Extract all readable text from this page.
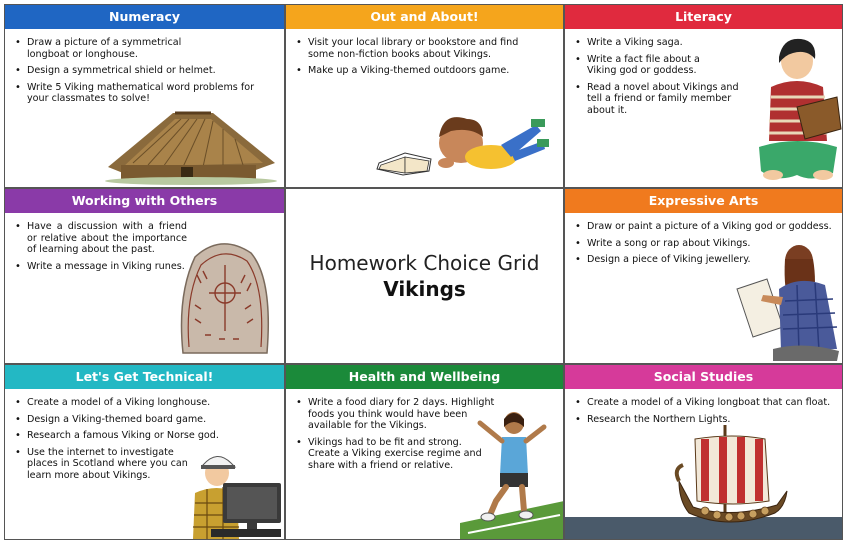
Numeracy
• Draw a picture of a symmetrical longboat or longhouse.
• Design a symmetrical shield or helmet.
• Write 5 Viking mathematical word problems for your classmates to solve!
Out and About!
• Visit your local library or bookstore and find some non-fiction books about Vikings.
• Make up a Viking-themed outdoors game.
Literacy
• Write a Viking saga.
• Write a fact file about a Viking god or goddess.
• Read a novel about Vikings and tell a friend or family member about it.
Working with Others
• Have a discussion with a friend or relative about the importance of learning about the past.
• Write a message in Viking runes.	Homework Choice Grid
Vikings
Expressive Arts
• Draw or paint a picture of a Viking god or goddess.
• Write a song or rap about Vikings.
• Design a piece of Viking jewellery.
Let's Get Technical!
• Create a model of a Viking longhouse.
• Design a Viking-themed board game.
• Research a famous Viking or Norse god.
• Use the internet to investigate places in Scotland where you can learn more about Vikings.
Health and Wellbeing
• Write a food diary for 2 days. Highlight foods you think would have been available for the Vikings.
• Vikings had to be fit and strong. Create a Viking exercise regime and share with a friend or relative.
Social Studies
• Create a model of a Viking longboat that can float.
• Research the Northern Lights.
